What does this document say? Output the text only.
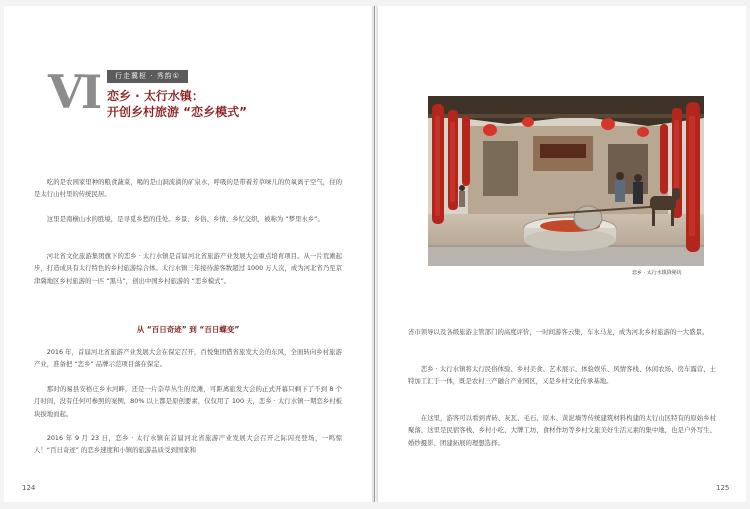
VI	行走冀枢 · 秀韵①
恋乡 · 太行水镇：
开创乡村旅游 “恋乡模式”

吃的是农园家里种的粮食蔬菜，喝的是山洞流淌的矿泉水，呼吸的是带着芳草味儿的负氧离子空气，住的是太行山村里的传统民居。

这里是南横山水的胜境，是寻觅乡愁的佳处。乡景、乡俗、乡情、乡忆交织，被称为 “梦里水乡”。

河北省文化旅游集团旗下的恋乡 · 太行水镇是首届河北省旅游产业发展大会重点培育项目。从一片荒滩起步，打造成具有太行特色的乡村旅游综合体。太行水镇三年接待游客数超过 1000 万人次，成为河北省乃至京津冀地区乡村旅游的一匹 “黑马”，创出中国乡村旅游的 “恋乡模式”。

从 “百日奇迹” 到 “百日蝶变”

2016 年，首届河北省旅游产业发展大会在保定召开，百悦集团借省旅发大会的东风，全面转向乡村旅游产业，准备把 “恋乡” 品牌示范项目落在保定。

那时的易县安格庄乡水河畔，还是一片杂草丛生的荒滩，可距离旅发大会的正式开幕只剩下了不到 8 个月时间，没有任何可参照的案例，80% 以上都是原创要素，仅仅用了 100 天，恋乡 · 太行水镇一期恋乡村板块拔地而起。

2016 年 9 月 23 日，恋乡 · 太行水镇在首届河北省旅游产业发展大会召开之际闪亮登场，一鸣惊人！“百日奇迹” 的恋乡速度和小镇的旅游品质受到国家和

124
恋乡 · 太行水镇降秘坊

省市领导以及各级旅游主管部门的高度评价，一时间游客云集，车水马龙，成为河北乡村旅游的一大盛景。

恋乡 · 太行水镇将太行民俗体验、乡村美食、艺术展示、体验娱乐、风情客栈、休闲农场、房车露营、土特加工汇于一体，既是农村三产融合产业园区，又是乡村文化传承基地。

在这里，游客可以看到青砖、灰瓦、毛石、原木、黄泥墙等传统建筑材料构建的太行山区特有的原始乡村聚落，这里是民宿客栈、乡村小吃、大牌工坊，食材作坊等乡村文旅美好生活元素的集中地，也是户外写生、婚纱摄影、团建拓展的理想选择。

125
